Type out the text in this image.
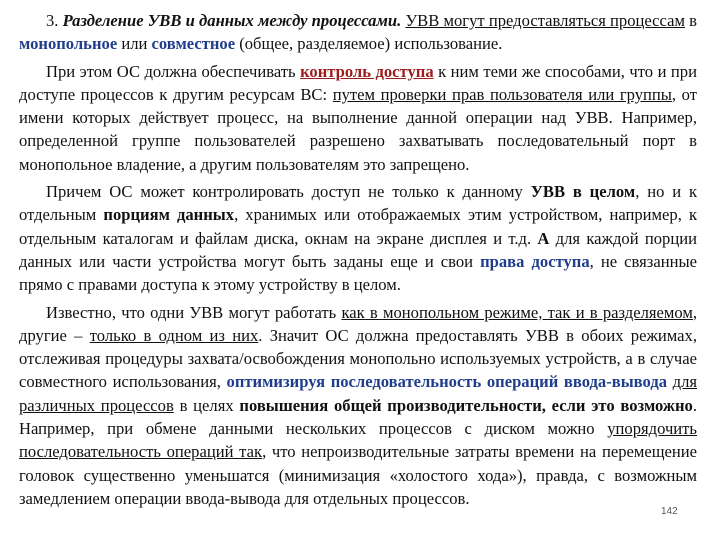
3. Разделение УВВ и данных между процессами. УВВ могут предоставляться процессам в монопольное или совместное (общее, разделяемое) использование.

При этом ОС должна обеспечивать контроль доступа к ним теми же способами, что и при доступе процессов к другим ресурсам ВС: путем проверки прав пользователя или группы, от имени которых действует процесс, на выполнение данной операции над УВВ. Например, определенной группе пользователей разрешено захватывать последовательный порт в монопольное владение, а другим пользователям это запрещено.

Причем ОС может контролировать доступ не только к данному УВВ в целом, но и к отдельным порциям данных, хранимых или отображаемых этим устройством, например, к отдельным каталогам и файлам диска, окнам на экране дисплея и т.д. А для каждой порции данных или части устройства могут быть заданы еще и свои права доступа, не связанные прямо с правами доступа к этому устройству в целом.

Известно, что одни УВВ могут работать как в монопольном режиме, так и в разделяемом, другие – только в одном из них. Значит ОС должна предоставлять УВВ в обоих режимах, отслеживая процедуры захвата/освобождения монопольно используемых устройств, а в случае совместного использования, оптимизируя последовательность операций ввода-вывода для различных процессов в целях повышения общей производительности, если это возможно. Например, при обмене данными нескольких процессов с диском можно упорядочить последовательность операций так, что непроизводительные затраты времени на перемещение головок существенно уменьшатся (минимизация «холостого хода»), правда, с возможным замедлением операции ввода-вывода для отдельных процессов.

142
